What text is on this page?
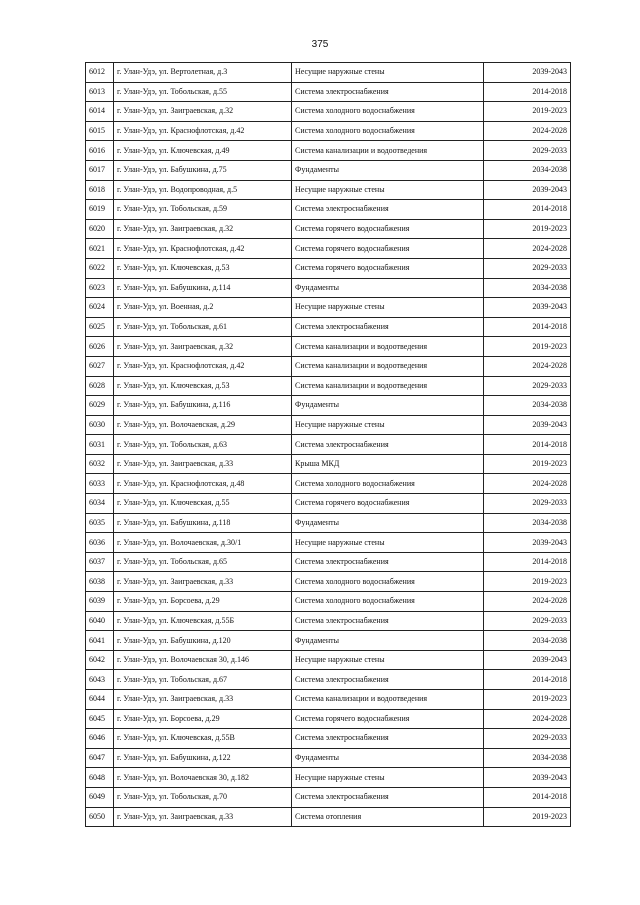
375
6012	г. Улан-Удэ, ул. Вертолетная, д.3	Несущие наружные стены	2039-2043
6013	г. Улан-Удэ, ул. Тобольская, д.55	Система электроснабжения	2014-2018
6014	г. Улан-Удэ, ул. Заиграевская, д.32	Система холодного водоснабжения	2019-2023
6015	г. Улан-Удэ, ул. Краснофлотская, д.42	Система холодного водоснабжения	2024-2028
6016	г. Улан-Удэ, ул. Ключевская, д.49	Система канализации и водоотведения	2029-2033
6017	г. Улан-Удэ, ул. Бабушкина, д.75	Фундаменты	2034-2038
6018	г. Улан-Удэ, ул. Водопроводная, д.5	Несущие наружные стены	2039-2043
6019	г. Улан-Удэ, ул. Тобольская, д.59	Система электроснабжения	2014-2018
6020	г. Улан-Удэ, ул. Заиграевская, д.32	Система горячего водоснабжения	2019-2023
6021	г. Улан-Удэ, ул. Краснофлотская, д.42	Система горячего водоснабжения	2024-2028
6022	г. Улан-Удэ, ул. Ключевская, д.53	Система горячего водоснабжения	2029-2033
6023	г. Улан-Удэ, ул. Бабушкина, д.114	Фундаменты	2034-2038
6024	г. Улан-Удэ, ул. Военная, д.2	Несущие наружные стены	2039-2043
6025	г. Улан-Удэ, ул. Тобольская, д.61	Система электроснабжения	2014-2018
6026	г. Улан-Удэ, ул. Заиграевская, д.32	Система канализации и водоотведения	2019-2023
6027	г. Улан-Удэ, ул. Краснофлотская, д.42	Система канализации и водоотведения	2024-2028
6028	г. Улан-Удэ, ул. Ключевская, д.53	Система канализации и водоотведения	2029-2033
6029	г. Улан-Удэ, ул. Бабушкина, д.116	Фундаменты	2034-2038
6030	г. Улан-Удэ, ул. Волочаевская, д.29	Несущие наружные стены	2039-2043
6031	г. Улан-Удэ, ул. Тобольская, д.63	Система электроснабжения	2014-2018
6032	г. Улан-Удэ, ул. Заиграевская, д.33	Крыша МКД	2019-2023
6033	г. Улан-Удэ, ул. Краснофлотская, д.48	Система холодного водоснабжения	2024-2028
6034	г. Улан-Удэ, ул. Ключевская, д.55	Система горячего водоснабжения	2029-2033
6035	г. Улан-Удэ, ул. Бабушкина, д.118	Фундаменты	2034-2038
6036	г. Улан-Удэ, ул. Волочаевская, д.30/1	Несущие наружные стены	2039-2043
6037	г. Улан-Удэ, ул. Тобольская, д.65	Система электроснабжения	2014-2018
6038	г. Улан-Удэ, ул. Заиграевская, д.33	Система холодного водоснабжения	2019-2023
6039	г. Улан-Удэ, ул. Борсоева, д.29	Система холодного водоснабжения	2024-2028
6040	г. Улан-Удэ, ул. Ключевская, д.55Б	Система электроснабжения	2029-2033
6041	г. Улан-Удэ, ул. Бабушкина, д.120	Фундаменты	2034-2038
6042	г. Улан-Удэ, ул. Волочаевская 30, д.146	Несущие наружные стены	2039-2043
6043	г. Улан-Удэ, ул. Тобольская, д.67	Система электроснабжения	2014-2018
6044	г. Улан-Удэ, ул. Заиграевская, д.33	Система канализации и водоотведения	2019-2023
6045	г. Улан-Удэ, ул. Борсоева, д.29	Система горячего водоснабжения	2024-2028
6046	г. Улан-Удэ, ул. Ключевская, д.55В	Система электроснабжения	2029-2033
6047	г. Улан-Удэ, ул. Бабушкина, д.122	Фундаменты	2034-2038
6048	г. Улан-Удэ, ул. Волочаевская 30, д.182	Несущие наружные стены	2039-2043
6049	г. Улан-Удэ, ул. Тобольская, д.70	Система электроснабжения	2014-2018
6050	г. Улан-Удэ, ул. Заиграевская, д.33	Система отопления	2019-2023
